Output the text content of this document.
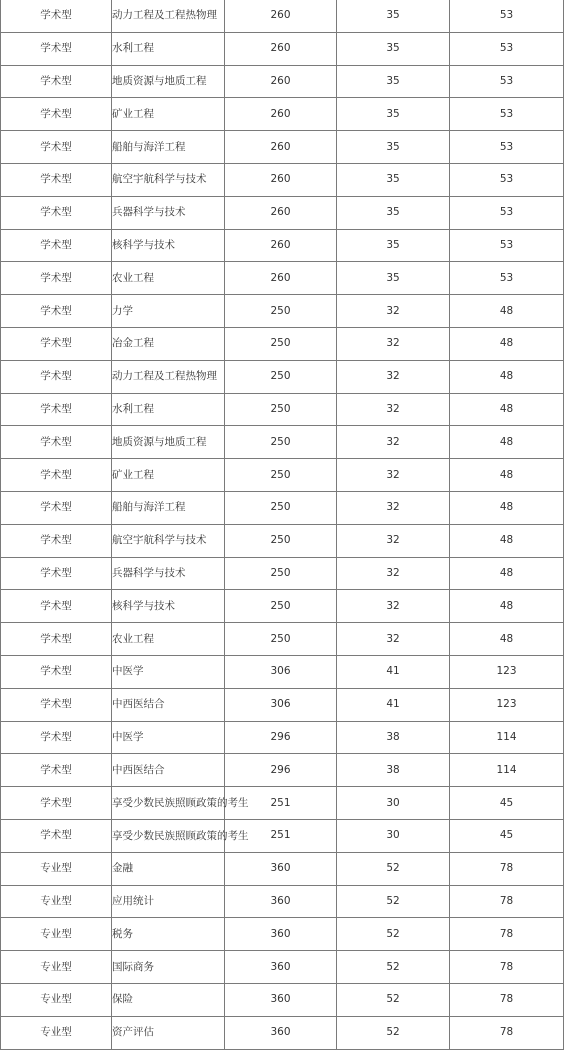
学术型	动力工程及工程热物理	260	35	53
学术型	水利工程	260	35	53
学术型	地质资源与地质工程	260	35	53
学术型	矿业工程	260	35	53
学术型	船舶与海洋工程	260	35	53
学术型	航空宇航科学与技术	260	35	53
学术型	兵器科学与技术	260	35	53
学术型	核科学与技术	260	35	53
学术型	农业工程	260	35	53
学术型	力学	250	32	48
学术型	冶金工程	250	32	48
学术型	动力工程及工程热物理	250	32	48
学术型	水利工程	250	32	48
学术型	地质资源与地质工程	250	32	48
学术型	矿业工程	250	32	48
学术型	船舶与海洋工程	250	32	48
学术型	航空宇航科学与技术	250	32	48
学术型	兵器科学与技术	250	32	48
学术型	核科学与技术	250	32	48
学术型	农业工程	250	32	48
学术型	中医学	306	41	123
学术型	中西医结合	306	41	123
学术型	中医学	296	38	114
学术型	中西医结合	296	38	114
学术型	享受少数民族照顾政策的考生	251	30	45
学术型	享受少数民族照顾政策的考生	251	30	45
专业型	金融	360	52	78
专业型	应用统计	360	52	78
专业型	税务	360	52	78
专业型	国际商务	360	52	78
专业型	保险	360	52	78
专业型	资产评估	360	52	78
